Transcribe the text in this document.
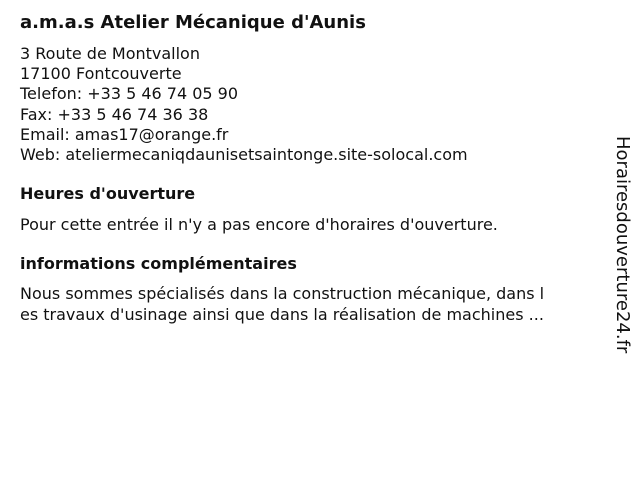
a.m.a.s Atelier Mécanique d'Aunis
3 Route de Montvallon
17100 Fontcouverte
Telefon: +33 5 46 74 05 90
Fax: +33 5 46 74 36 38
Email: amas17@orange.fr
Web: ateliermecaniqdaunisetsaintonge.site-solocal.com
Heures d'ouverture
Pour cette entrée il n'y a pas encore d'horaires d'ouverture.
informations complémentaires
Nous sommes spécialisés dans la construction mécanique, dans l
es travaux d'usinage ainsi que dans la réalisation de machines ...	Horairesdouverture24.fr
